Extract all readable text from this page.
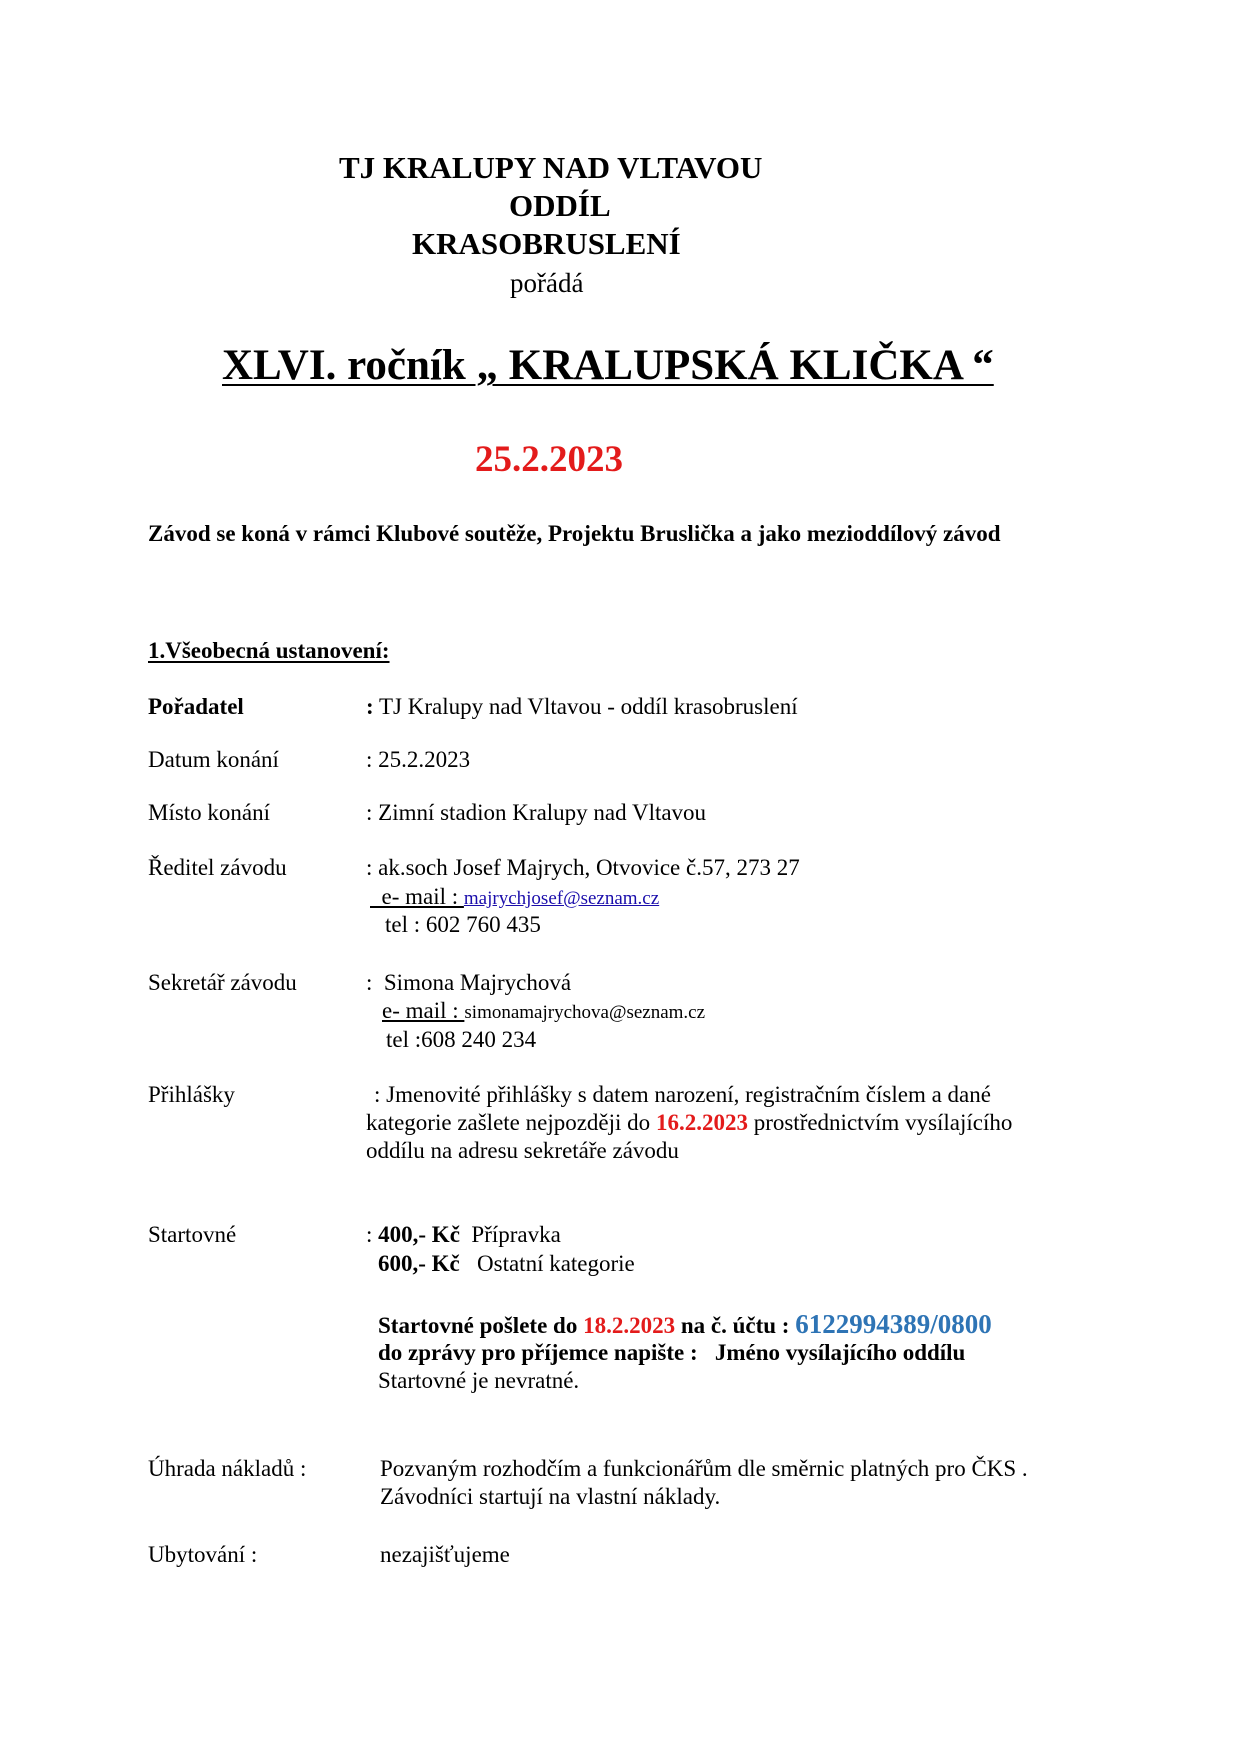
TJ KRALUPY NAD VLTAVOU
ODDÍL
KRASOBRUSLENÍ
pořádá
XLVI. ročník „ KRALUPSKÁ KLIČKA “
25.2.2023
Závod se koná v rámci Klubové soutěže, Projektu Bruslička a jako mezioddílový závod
1.Všeobecná ustanovení:
Pořadatel	: TJ Kralupy nad Vltavou - oddíl krasobruslení
Datum konání	: 25.2.2023
Místo konání	: Zimní stadion Kralupy nad Vltavou
Ředitel závodu	: ak.soch Josef Majrych, Otvovice č.57, 273 27
e- mail : majrychjosef@seznam.cz
tel : 602 760 435
Sekretář závodu	:  Simona Majrychová
e- mail : simonamajrychova@seznam.cz
tel :608 240 234
Přihlášky	: Jmenovité přihlášky s datem narození, registračním číslem a dané
kategorie zašlete nejpozději do 16.2.2023 prostřednictvím vysílajícího
oddílu na adresu sekretáře závodu
Startovné	: 400,- Kč  Přípravka
600,- Kč   Ostatní kategorie
Startovné pošlete do 18.2.2023 na č. účtu : 6122994389/0800
do zprávy pro příjemce napište :   Jméno vysílajícího oddílu
Startovné je nevratné.
Úhrada nákladů :	Pozvaným rozhodčím a funkcionářům dle směrnic platných pro ČKS .
Závodníci startují na vlastní náklady.
Ubytování :	nezajišťujeme
